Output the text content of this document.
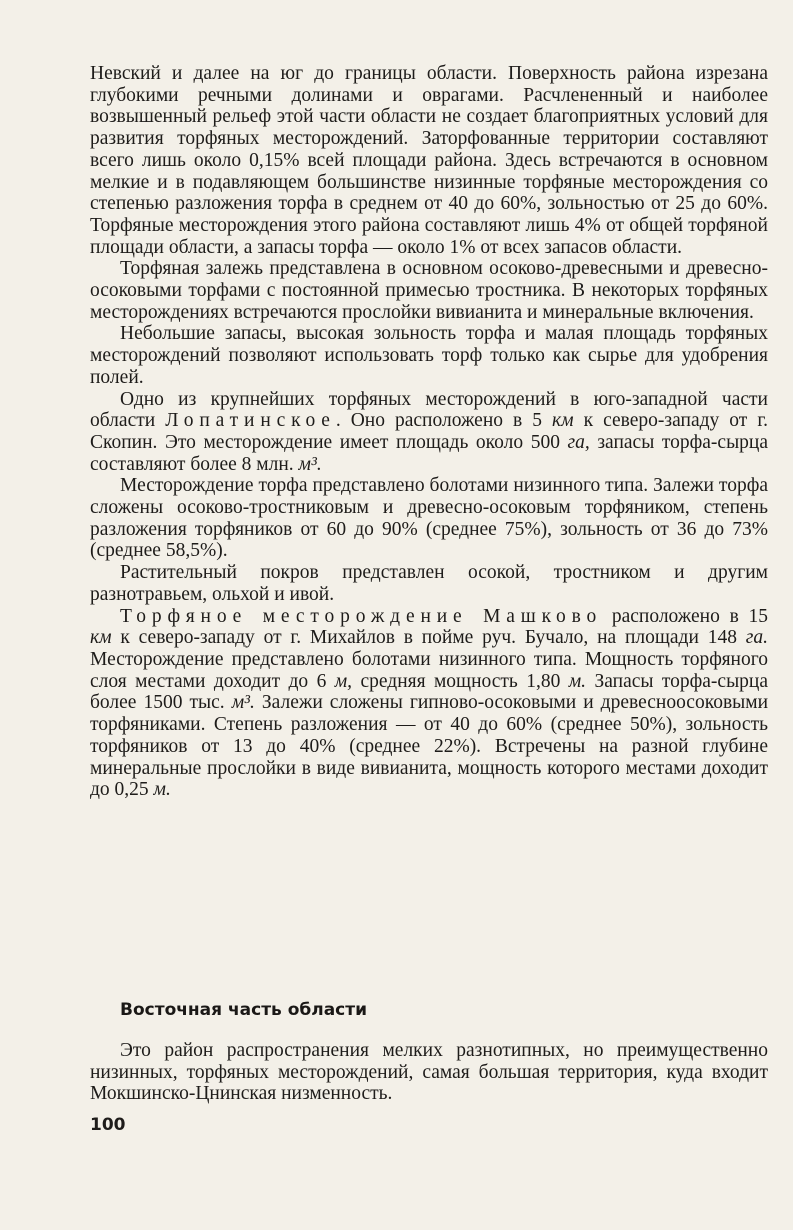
Невский и далее на юг до границы области. Поверхность района изрезана глубокими речными долинами и оврагами. Расчлененный и наиболее возвышенный рельеф этой части области не создает благоприятных условий для развития торфяных месторождений. Заторфованные территории составляют всего лишь около 0,15% всей площади района. Здесь встречаются в основном мелкие и в подавляющем большинстве низинные торфяные месторождения со степенью разложения торфа в среднем от 40 до 60%, зольностью от 25 до 60%. Торфяные месторождения этого района составляют лишь 4% от общей торфяной площади области, а запасы торфа — около 1% от всех запасов области.

Торфяная залежь представлена в основном осоково-древесными и древесно-осоковыми торфами с постоянной примесью тростника. В некоторых торфяных месторождениях встречаются прослойки вивианита и минеральные включения.

Небольшие запасы, высокая зольность торфа и малая площадь торфяных месторождений позволяют использовать торф только как сырье для удобрения полей.

Одно из крупнейших торфяных месторождений в юго-западной части области Лопатинское. Оно расположено в 5 км к северо-западу от г. Скопин. Это месторождение имеет площадь около 500 га, запасы торфа-сырца составляют более 8 млн. м³.

Месторождение торфа представлено болотами низинного типа. Залежи торфа сложены осоково-тростниковым и древесно-осоковым торфяником, степень разложения торфяников от 60 до 90% (среднее 75%), зольность от 36 до 73% (среднее 58,5%).

Растительный покров представлен осокой, тростником и другим разнотравьем, ольхой и ивой.

Торфяное месторождение Машково расположено в 15 км к северо-западу от г. Михайлов в пойме руч. Бучало, на площади 148 га. Месторождение представлено болотами низинного типа. Мощность торфяного слоя местами доходит до 6 м, средняя мощность 1,80 м. Запасы торфа-сырца более 1500 тыс. м³. Залежи сложены гипново-осоковыми и древесноосоковыми торфяниками. Степень разложения — от 40 до 60% (среднее 50%), зольность торфяников от 13 до 40% (среднее 22%). Встречены на разной глубине минеральные прослойки в виде вивианита, мощность которого местами доходит до 0,25 м.

Восточная часть области

Это район распространения мелких разнотипных, но преимущественно низинных, торфяных месторождений, самая большая территория, куда входит Мокшинско-Цнинская низменность.

100
